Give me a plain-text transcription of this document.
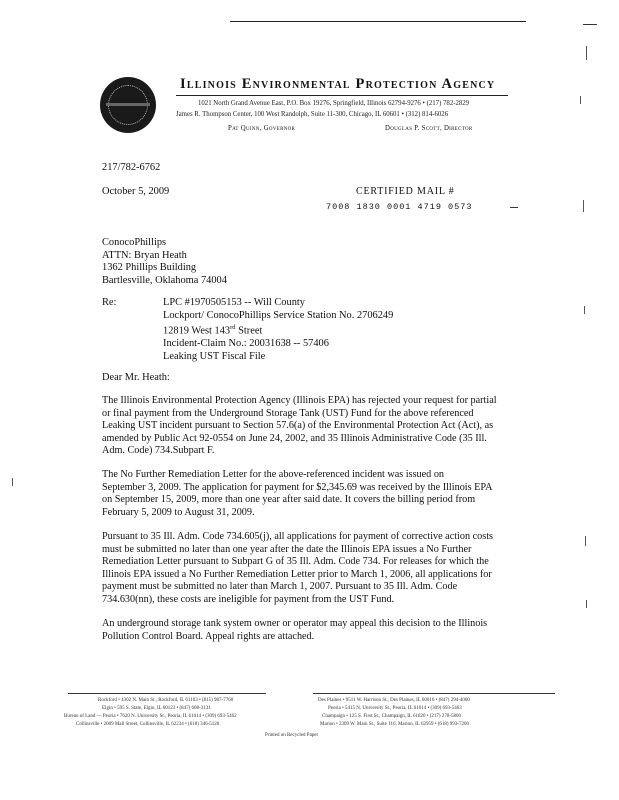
Illinois Environmental Protection Agency
1021 North Grand Avenue East, P.O. Box 19276, Springfield, Illinois 62794-9276 • (217) 782-2829
James R. Thompson Center, 100 West Randolph, Suite 11-300, Chicago, IL 60601 • (312) 814-6026
Pat Quinn, Governor	Douglas P. Scott, Director
217/782-6762
October 5, 2009	CERTIFIED MAIL #
7008 1830 0001 4719 0573
ConocoPhillips
ATTN: Bryan Heath
1362 Phillips Building
Bartlesville, Oklahoma 74004
Re:	LPC #1970505153 -- Will County
Lockport/ ConocoPhillips Service Station No. 2706249
12819 West 143rd Street
Incident-Claim No.: 20031638 -- 57406
Leaking UST Fiscal File
Dear Mr. Heath:
The Illinois Environmental Protection Agency (Illinois EPA) has rejected your request for partial
or final payment from the Underground Storage Tank (UST) Fund for the above referenced
Leaking UST incident pursuant to Section 57.6(a) of the Environmental Protection Act (Act), as
amended by Public Act 92-0554 on June 24, 2002, and 35 Illinois Administrative Code (35 Ill.
Adm. Code) 734.Subpart F.
The No Further Remediation Letter for the above-referenced incident was issued on
September 3, 2009. The application for payment for $2,345.69 was received by the Illinois EPA
on September 15, 2009, more than one year after said date. It covers the billing period from
February 5, 2009 to August 31, 2009.
Pursuant to 35 Ill. Adm. Code 734.605(j), all applications for payment of corrective action costs
must be submitted no later than one year after the date the Illinois EPA issues a No Further
Remediation Letter pursuant to Subpart G of 35 Ill. Adm. Code 734. For releases for which the
Illinois EPA issued a No Further Remediation Letter prior to March 1, 2006, all applications for
payment must be submitted no later than March 1, 2007. Pursuant to 35 Ill. Adm. Code
734.630(nn), these costs are ineligible for payment from the UST Fund.
An underground storage tank system owner or operator may appeal this decision to the Illinois
Pollution Control Board. Appeal rights are attached.
Rockford • 4302 N. Main St., Rockford, IL 61103 • (815) 987-7760
Elgin • 595 S. State, Elgin, IL 60123 • (847) 608-3131
Bureau of Land — Peoria • 7620 N. University St., Peoria, IL 61614 • (309) 693-5462
Collinsville • 2009 Mall Street, Collinsville, IL 62234 • (618) 346-5120
Des Plaines • 9511 W. Harrison St., Des Plaines, IL 60016 • (847) 294-4000
Peoria • 5415 N. University St., Peoria, IL 61614 • (309) 693-5463
Champaign • 125 S. First St., Champaign, IL 61820 • (217) 278-5800
Marion • 2309 W. Main St., Suite 116, Marion, IL 62959 • (618) 993-7200
Printed on Recycled Paper
